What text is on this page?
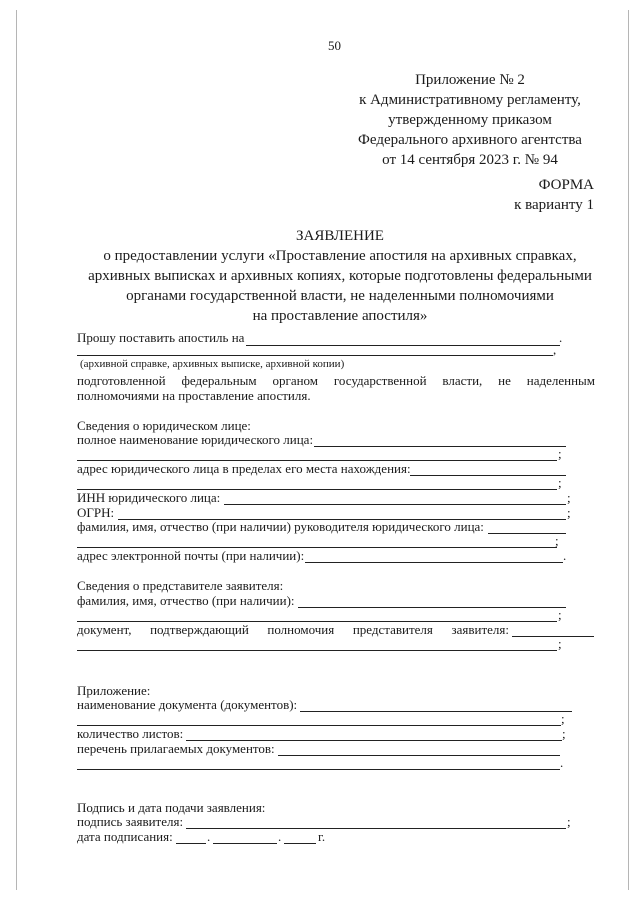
50
Приложение № 2
к Административному регламенту,
утвержденному приказом
Федерального архивного агентства
от 14 сентября 2023 г. № 94
ФОРМА
к варианту 1
ЗАЯВЛЕНИЕ
о предоставлении услуги «Проставление апостиля на архивных справках,
архивных выписках и архивных копиях, которые подготовлены федеральными
органами государственной власти, не наделенными полномочиями
на проставление апостиля»
Прошу поставить апостиль на	.
,
(архивной справке, архивных выписке, архивной копии)
подготовленной федеральным органом государственной власти, не наделенным
полномочиями на проставление апостиля.
Сведения о юридическом лице:
полное наименование юридического лица:
;
адрес юридического лица в пределах его места нахождения:
;
ИНН юридического лица:	;
ОГРН:	;
фамилия, имя, отчество (при наличии) руководителя юридического лица:
;
адрес электронной почты (при наличии):	.
Сведения о представителе заявителя:
фамилия, имя, отчество (при наличии):
;
документ, подтверждающий полномочия представителя заявителя:
;
Приложение:
наименование документа (документов):
;
количество листов:	;
перечень прилагаемых документов:
.
Подпись и дата подачи заявления:
подпись заявителя:	;
дата подписания:	.	.	г.
